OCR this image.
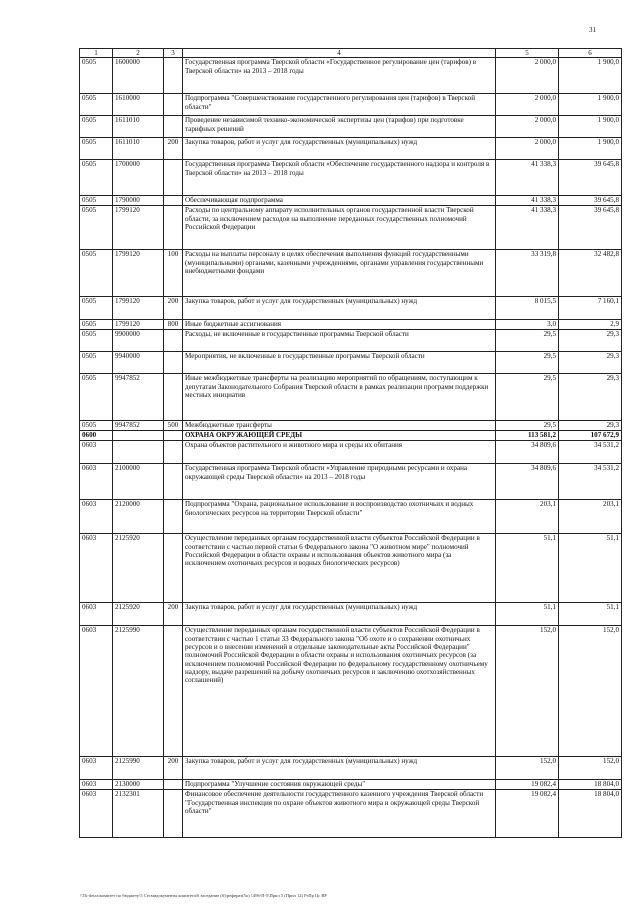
31
1	2	3	4	5	6
0505	1600000		Государственная программа Тверской области «Государственное регулирование цен (тарифов) в Тверской области» на 2013 – 2018 годы	2 000,0	1 900,0
0505	1610000		Подпрограмма "Совершенствование государственного регулирования цен (тарифов) в Тверской области"	2 000,0	1 900,0
0505	1611010		Проведение независимой технико-экономической экспертизы цен (тарифов) при подготовке тарифных решений	2 000,0	1 900,0
0505	1611010	200	Закупка товаров, работ и услуг для государственных (муниципальных) нужд	2 000,0	1 900,0
0505	1700000		Государственная программа Тверской области «Обеспечение государственного надзора и контроля в Тверской области» на 2013 – 2018 годы	41 338,3	39 645,8
0505	1790000		Обеспечивающая подпрограмма	41 338,3	39 645,8
0505	1799120		Расходы по центральному аппарату исполнительных органов государственной власти Тверской области, за исключением расходов на выполнение переданных государственных полномочий Российской Федерации	41 338,3	39 645,8
0505	1799120	100	Расходы на выплаты персоналу в целях обеспечения выполнения функций государственными (муниципальными) органами, казенными учреждениями, органами управления государственными внебюджетными фондами	33 319,8	32 482,8
0505	1799120	200	Закупка товаров, работ и услуг для государственных (муниципальных) нужд	8 015,5	7 160,1
0505	1799120	800	Иные бюджетные ассигнования	3,0	2,9
0505	9900000		Расходы, не включенные в государственные программы Тверской области	29,5	29,3
0505	9940000		Мероприятия, не включенные в государственные программы Тверской области	29,5	29,3
0505	9947852		Иные межбюджетные трансферты на реализацию мероприятий по обращениям, поступающим к депутатам Законодательного Собрания Тверской области в рамках реализации программ поддержки местных инициатив	29,5	29,3
0505	9947852	500	Межбюджетные трансферты	29,5	29,3
0600			ОХРАНА ОКРУЖАЮЩЕЙ СРЕДЫ	113 581,2	107 672,9
0603			Охрана объектов растительного и животного мира и среды их обитания	34 809,6	34 531,2
0603	2100000		Государственная программа Тверской области «Управление природными ресурсами и охрана окружающей среды Тверской области» на 2013 – 2018 годы	34 809,6	34 531,2
0603	2120000		Подпрограмма "Охрана, рациональное использование и воспроизводство охотничьих и водных биологических ресурсов на территории Тверской области"	203,1	203,1
0603	2125920		Осуществление переданных органам государственной власти субъектов Российской Федерации в соответствии с частью первой статьи 6 Федерального закона "О животном мире" полномочий Российской Федерации в области охраны и использования объектов животного мира (за исключением охотничьих ресурсов и водных биологических ресурсов)	51,1	51,1
0603	2125920	200	Закупка товаров, работ и услуг для государственных (муниципальных) нужд	51,1	51,1
0603	2125990		Осуществление переданных органам государственной власти субъектов Российской Федерации в соответствии с частью 1 статьи 33 Федерального закона "Об охоте и о сохранении охотничьих ресурсов и о внесении изменений в отдельные законодательные акты Российской Федерации" полномочий Российской Федерации в области охраны и использования охотничьих ресурсов (за исключением полномочий Российской Федерации по федеральному государственному охотничьему надзору, выдаче разрешений на добычу охотничьих ресурсов и заключению охотхозяйственных соглашений)	152,0	152,0
0603	2125990	200	Закупка товаров, работ и услуг для государственных (муниципальных) нужд	152,0	152,0
0603	2130000		Подпрограмма "Улучшение состояния окружающей среды"	19 082,4	18 804,0
0603	2132301		Финансовое обеспечение деятельности государственного казенного учреждения Тверской области "Государственная инспекция по охране объектов животного мира и окружающей среды Тверской области"	19 082,4	18 804,0
\\Tk-detax\комитет по бюджету\5 Сесмидокументы комитета\6 заседание (6)\реферат(5о) 1496-П-5\Прил 5 (Прил 12) РзПр Цс ВР
